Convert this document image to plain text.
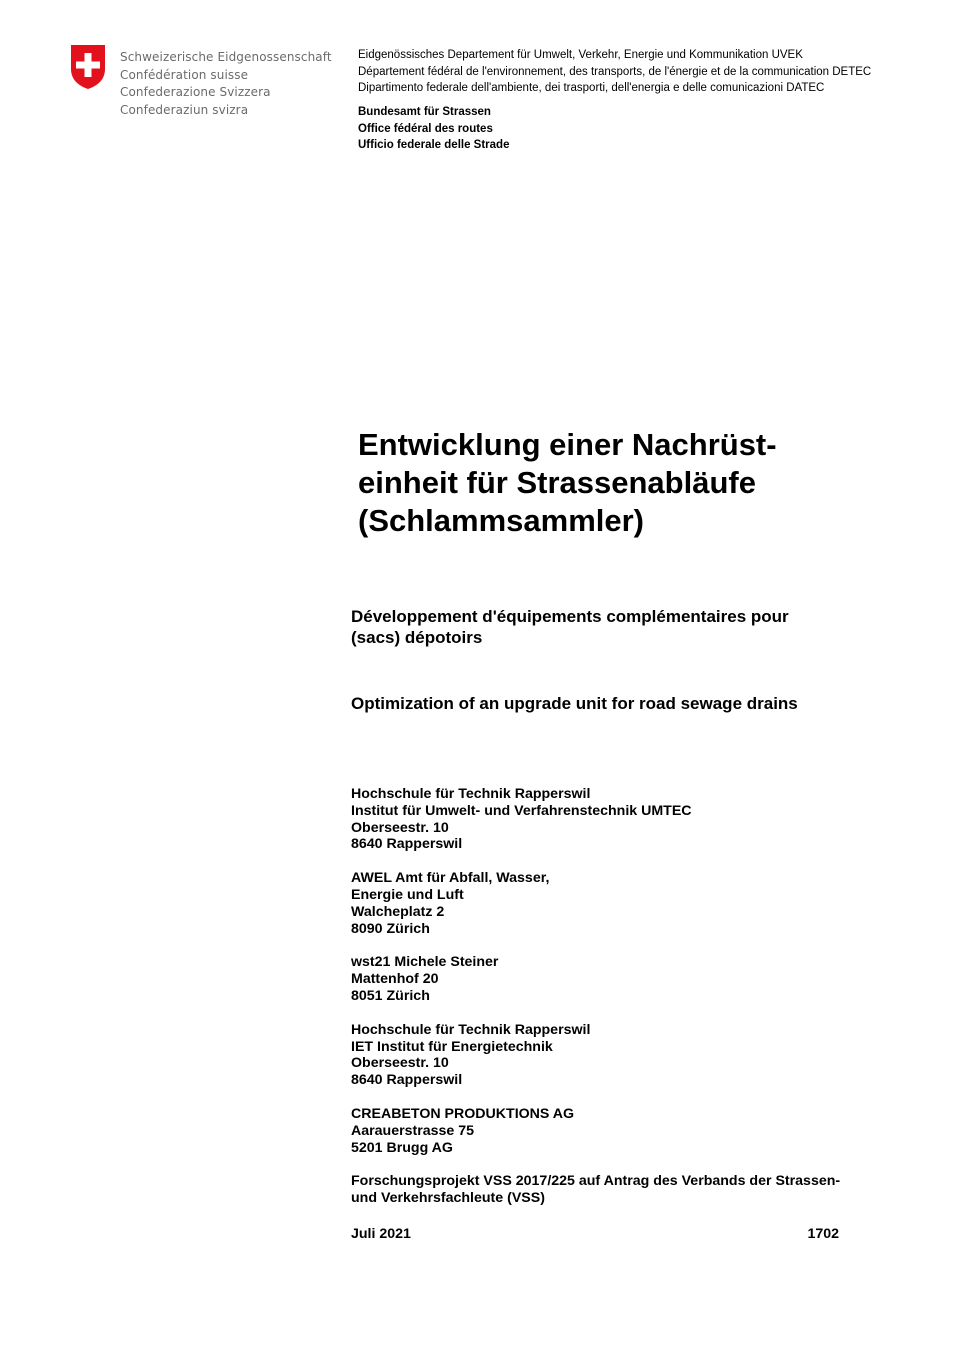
Schweizerische Eidgenossenschaft
Confédération suisse
Confederazione Svizzera
Confederaziun svizra
Eidgenössisches Departement für Umwelt, Verkehr, Energie und Kommunikation UVEK
Département fédéral de l'environnement, des transports, de l'énergie et de la communication DETEC
Dipartimento federale dell'ambiente, dei trasporti, dell'energia e delle comunicazioni DATEC
Bundesamt für Strassen
Office fédéral des routes
Ufficio federale delle Strade
Entwicklung einer Nachrüst-
einheit für Strassenabläufe
(Schlammsammler)
Développement d'équipements complémentaires pour
(sacs) dépotoirs
Optimization of an upgrade unit for road sewage drains
Hochschule für Technik Rapperswil
Institut für Umwelt- und Verfahrenstechnik UMTEC
Oberseestr. 10
8640 Rapperswil
AWEL Amt für Abfall, Wasser,
Energie und Luft
Walcheplatz 2
8090 Zürich
wst21 Michele Steiner
Mattenhof 20
8051 Zürich
Hochschule für Technik Rapperswil
IET Institut für Energietechnik
Oberseestr. 10
8640 Rapperswil
CREABETON PRODUKTIONS AG
Aarauerstrasse 75
5201 Brugg AG
Forschungsprojekt VSS 2017/225 auf Antrag des Verbands der Strassen-
und Verkehrsfachleute (VSS)
Juli 2021	1702
